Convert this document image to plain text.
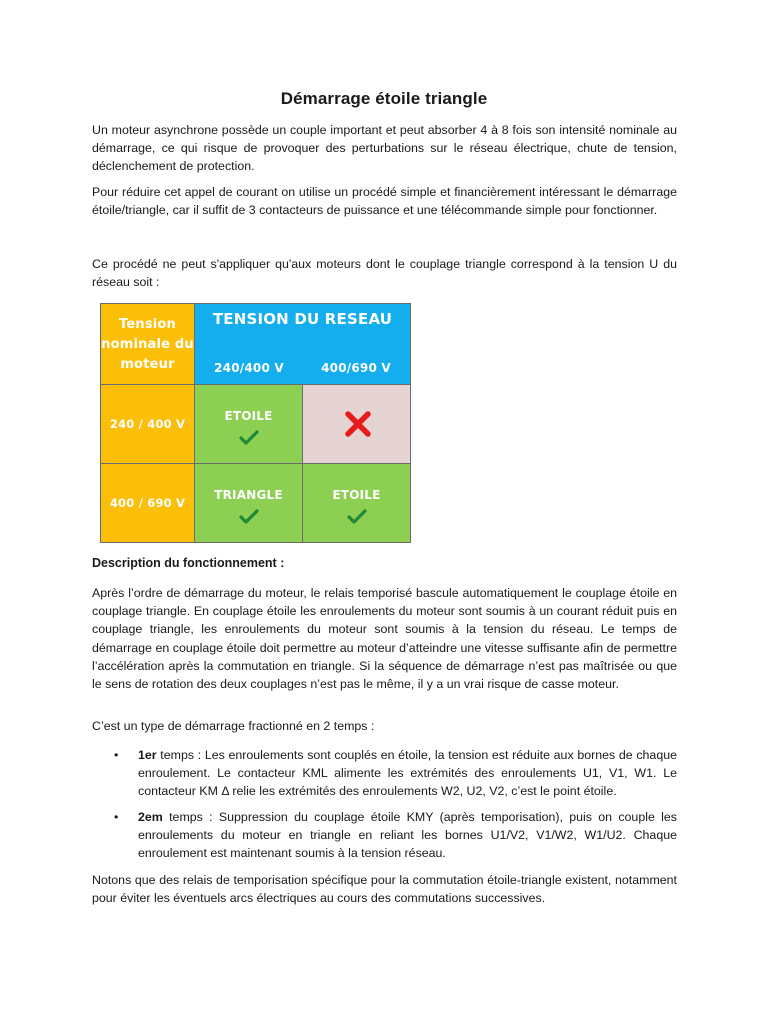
Démarrage étoile triangle
Un moteur asynchrone possède un couple important et peut absorber 4 à 8 fois son intensité nominale au démarrage, ce qui risque de provoquer des perturbations sur le réseau électrique, chute de tension, déclenchement de protection.
Pour réduire cet appel de courant on utilise un procédé simple et financièrement intéressant le démarrage étoile/triangle, car il suffit de 3 contacteurs de puissance et une télécommande simple pour fonctionner.
Ce procédé ne peut s'appliquer qu'aux moteurs dont le couplage triangle correspond à la tension U du réseau soit :
Tension nominale du moteur
TENSION DU RESEAU
240/400 V	400/690 V
240 / 400 V
ETOILE
400 / 690 V
TRIANGLE	ETOILE
Description du fonctionnement :
Après l’ordre de démarrage du moteur, le relais temporisé bascule automatiquement le couplage étoile en couplage triangle. En couplage étoile les enroulements du moteur sont soumis à un courant réduit puis en couplage triangle, les enroulements du moteur sont soumis à la tension du réseau. Le temps de démarrage en couplage étoile doit permettre au moteur d’atteindre une vitesse suffisante afin de permettre l’accélération après la commutation en triangle. Si la séquence de démarrage n’est pas maîtrisée ou que le sens de rotation des deux couplages n’est pas le même, il y a un vrai risque de casse moteur.
C’est un type de démarrage fractionné en 2 temps :
• 1er temps : Les enroulements sont couplés en étoile, la tension est réduite aux bornes de chaque enroulement. Le contacteur KML alimente les extrémités des enroulements U1, V1, W1. Le contacteur KM Δ relie les extrémités des enroulements W2, U2, V2, c’est le point étoile.
• 2em temps : Suppression du couplage étoile KMY (après temporisation), puis on couple les enroulements du moteur en triangle en reliant les bornes U1/V2, V1/W2, W1/U2. Chaque enroulement est maintenant soumis à la tension réseau.
Notons que des relais de temporisation spécifique pour la commutation étoile-triangle existent, notamment pour éviter les éventuels arcs électriques au cours des commutations successives.
